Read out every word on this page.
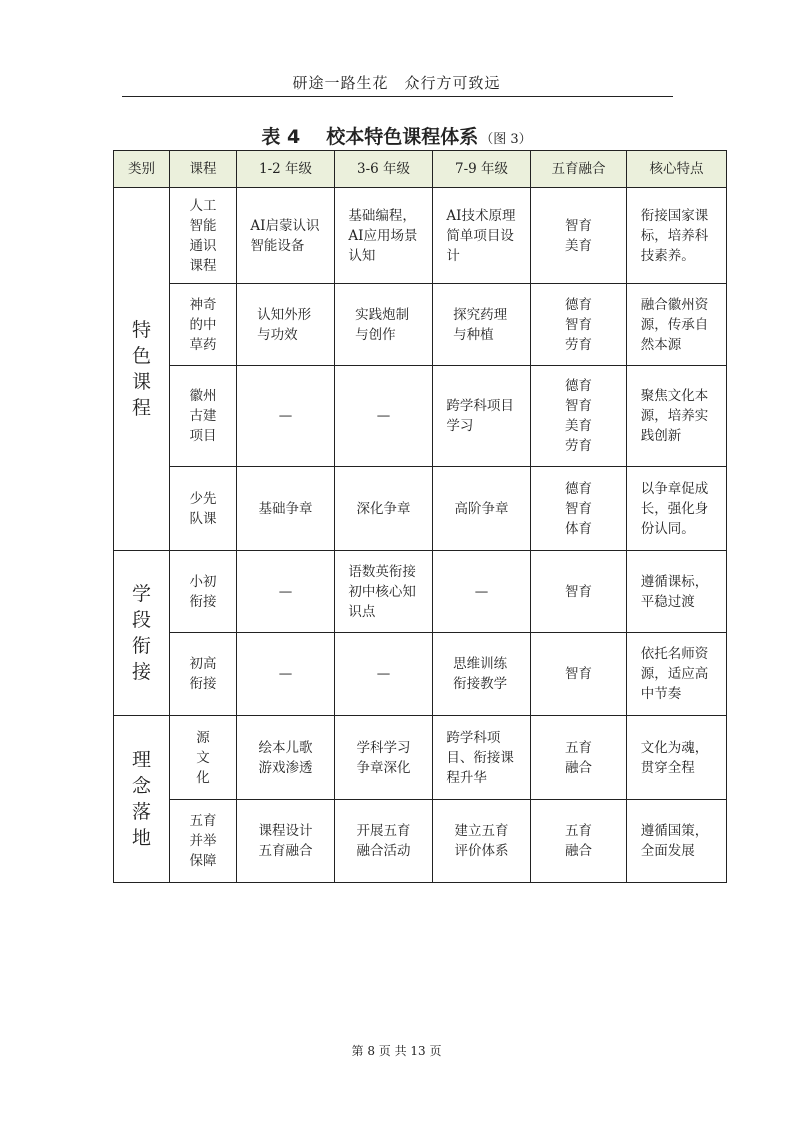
研途一路生花　众行方可致远
表 4 校本特色课程体系 （图 3）
类别	课程	1-2 年级	3-6 年级	7-9 年级	五育融合	核心特点
特色课程	人工智能通识课程	AI启蒙认识智能设备	基础编程，AI应用场景认知	AI技术原理简单项目设计	智育美育	衔接国家课标，培养科技素养。
	神奇的中草药	认知外形与功效	实践炮制与创作	探究药理与种植	德育智育劳育	融合徽州资源，传承自然本源
	徽州古建项目	—	—	跨学科项目学习	德育智育美育劳育	聚焦文化本源，培养实践创新
	少先队课	基础争章	深化争章	高阶争章	德育智育体育	以争章促成长，强化身份认同。
学段衔接	小初衔接	—	语数英衔接初中核心知识点	—	智育	遵循课标，平稳过渡
	初高衔接	—	—	思维训练衔接教学	智育	依托名师资源，适应高中节奏
理念落地	源文化	绘本儿歌游戏渗透	学科学习争章深化	跨学科项目、衔接课程升华	五育融合	文化为魂，贯穿全程
	五育并举保障	课程设计五育融合	开展五育融合活动	建立五育评价体系	五育融合	遵循国策，全面发展
第 8 页 共 13 页
